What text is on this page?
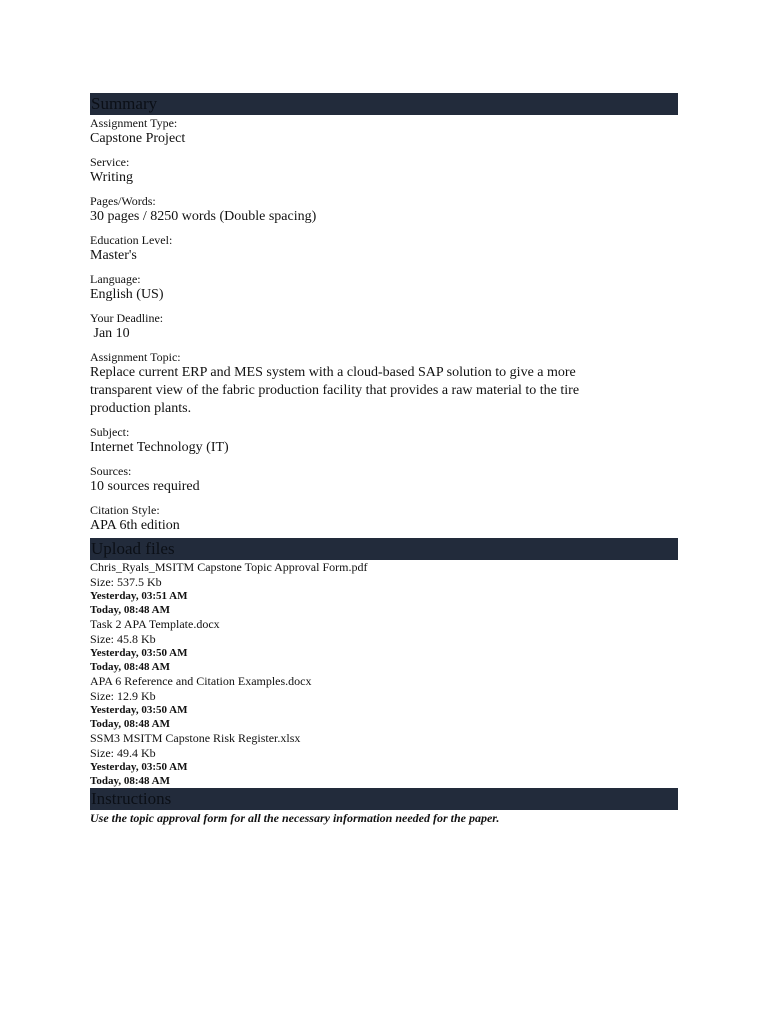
Summary
Assignment Type:
Capstone Project
Service:
Writing
Pages/Words:
30 pages / 8250 words (Double spacing)
Education Level:
Master's
Language:
English (US)
Your Deadline:
Jan 10
Assignment Topic:
Replace current ERP and MES system with a cloud-based SAP solution to give a more transparent view of the fabric production facility that provides a raw material to the tire production plants.
Subject:
Internet Technology (IT)
Sources:
10 sources required
Citation Style:
APA 6th edition
Upload files
Chris_Ryals_MSITM Capstone Topic Approval Form.pdf
Size: 537.5 Kb
Yesterday, 03:51 AM
Today, 08:48 AM
Task 2 APA Template.docx
Size: 45.8 Kb
Yesterday, 03:50 AM
Today, 08:48 AM
APA 6 Reference and Citation Examples.docx
Size: 12.9 Kb
Yesterday, 03:50 AM
Today, 08:48 AM
SSM3 MSITM Capstone Risk Register.xlsx
Size: 49.4 Kb
Yesterday, 03:50 AM
Today, 08:48 AM
Instructions
Use the topic approval form for all the necessary information needed for the paper.
